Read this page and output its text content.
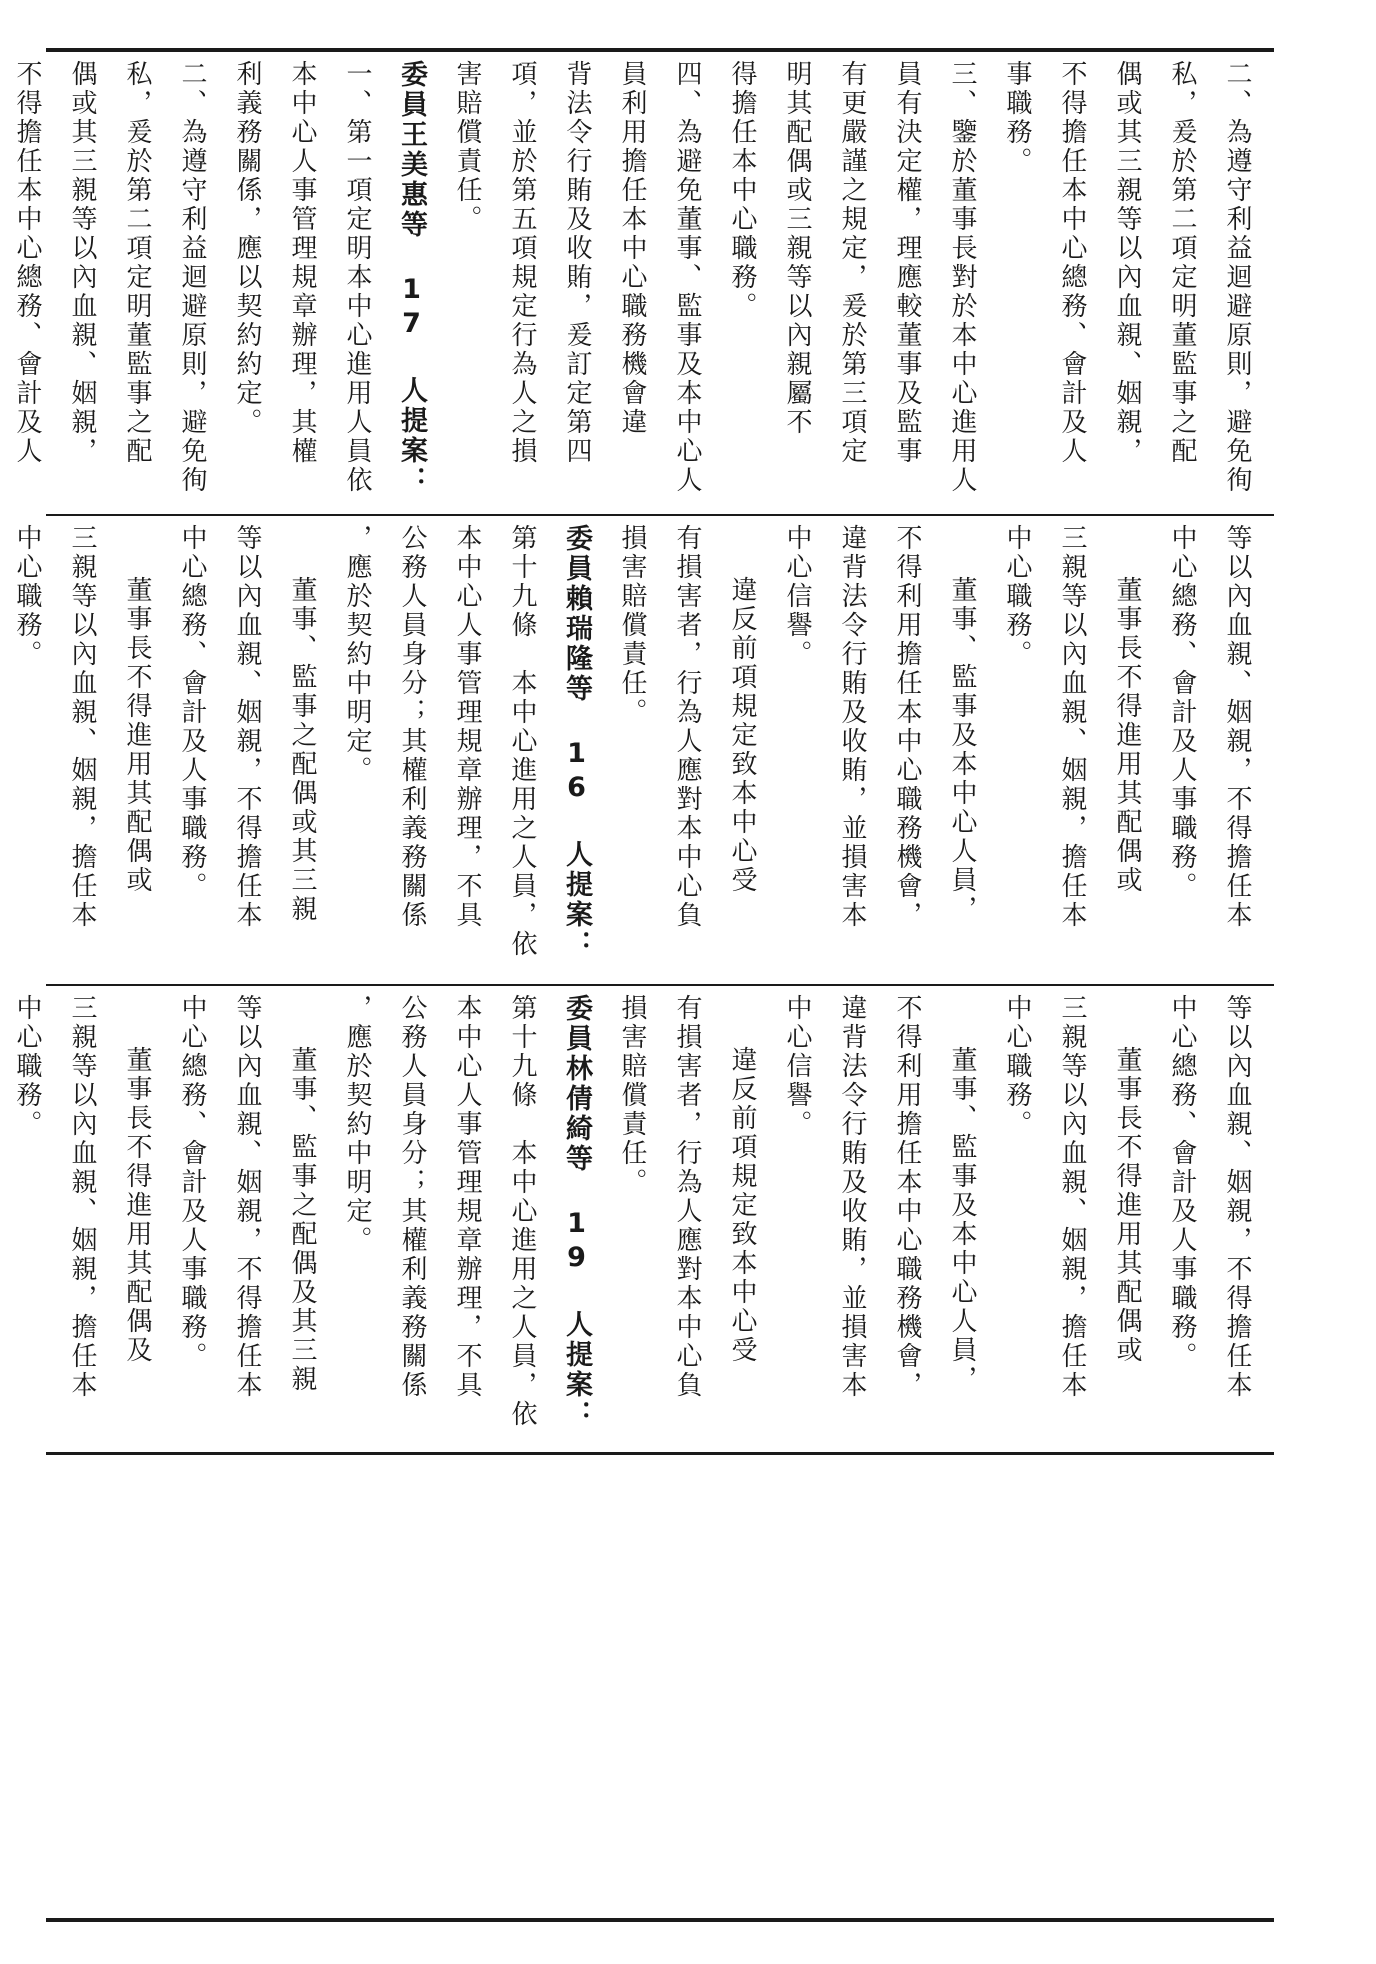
二、為遵守利益迴避原則，避免徇
私，爰於第二項定明董監事之配
偶或其三親等以內血親、姻親，
不得擔任本中心總務、會計及人
事職務。
三、鑒於董事長對於本中心進用人
員有決定權，理應較董事及監事
有更嚴謹之規定，爰於第三項定
明其配偶或三親等以內親屬不
得擔任本中心職務。
四、為避免董事、監事及本中心人
員利用擔任本中心職務機會違
背法令行賄及收賄，爰訂定第四
項，並於第五項規定行為人之損
害賠償責任。
委員王美惠等 17 人提案：
一、第一項定明本中心進用人員依
本中心人事管理規章辦理，其權
利義務關係，應以契約約定。
二、為遵守利益迴避原則，避免徇
私，爰於第二項定明董監事之配
偶或其三親等以內血親、姻親，
不得擔任本中心總務、會計及人
等以內血親、姻親，不得擔任本
中心總務、會計及人事職務。
董事長不得進用其配偶或
三親等以內血親、姻親，擔任本
中心職務。
董事、監事及本中心人員，
不得利用擔任本中心職務機會，
違背法令行賄及收賄，並損害本
中心信譽。
違反前項規定致本中心受
有損害者，行為人應對本中心負
損害賠償責任。
委員賴瑞隆等 16 人提案：
第十九條　本中心進用之人員，依
本中心人事管理規章辦理，不具
公務人員身分；其權利義務關係
，應於契約中明定。
董事、監事之配偶或其三親
等以內血親、姻親，不得擔任本
中心總務、會計及人事職務。
董事長不得進用其配偶或
三親等以內血親、姻親，擔任本
中心職務。
等以內血親、姻親，不得擔任本
中心總務、會計及人事職務。
董事長不得進用其配偶或
三親等以內血親、姻親，擔任本
中心職務。
董事、監事及本中心人員，
不得利用擔任本中心職務機會，
違背法令行賄及收賄，並損害本
中心信譽。
違反前項規定致本中心受
有損害者，行為人應對本中心負
損害賠償責任。
委員林倩綺等 19 人提案：
第十九條　本中心進用之人員，依
本中心人事管理規章辦理，不具
公務人員身分；其權利義務關係
，應於契約中明定。
董事、監事之配偶及其三親
等以內血親、姻親，不得擔任本
中心總務、會計及人事職務。
董事長不得進用其配偶及
三親等以內血親、姻親，擔任本
中心職務。
